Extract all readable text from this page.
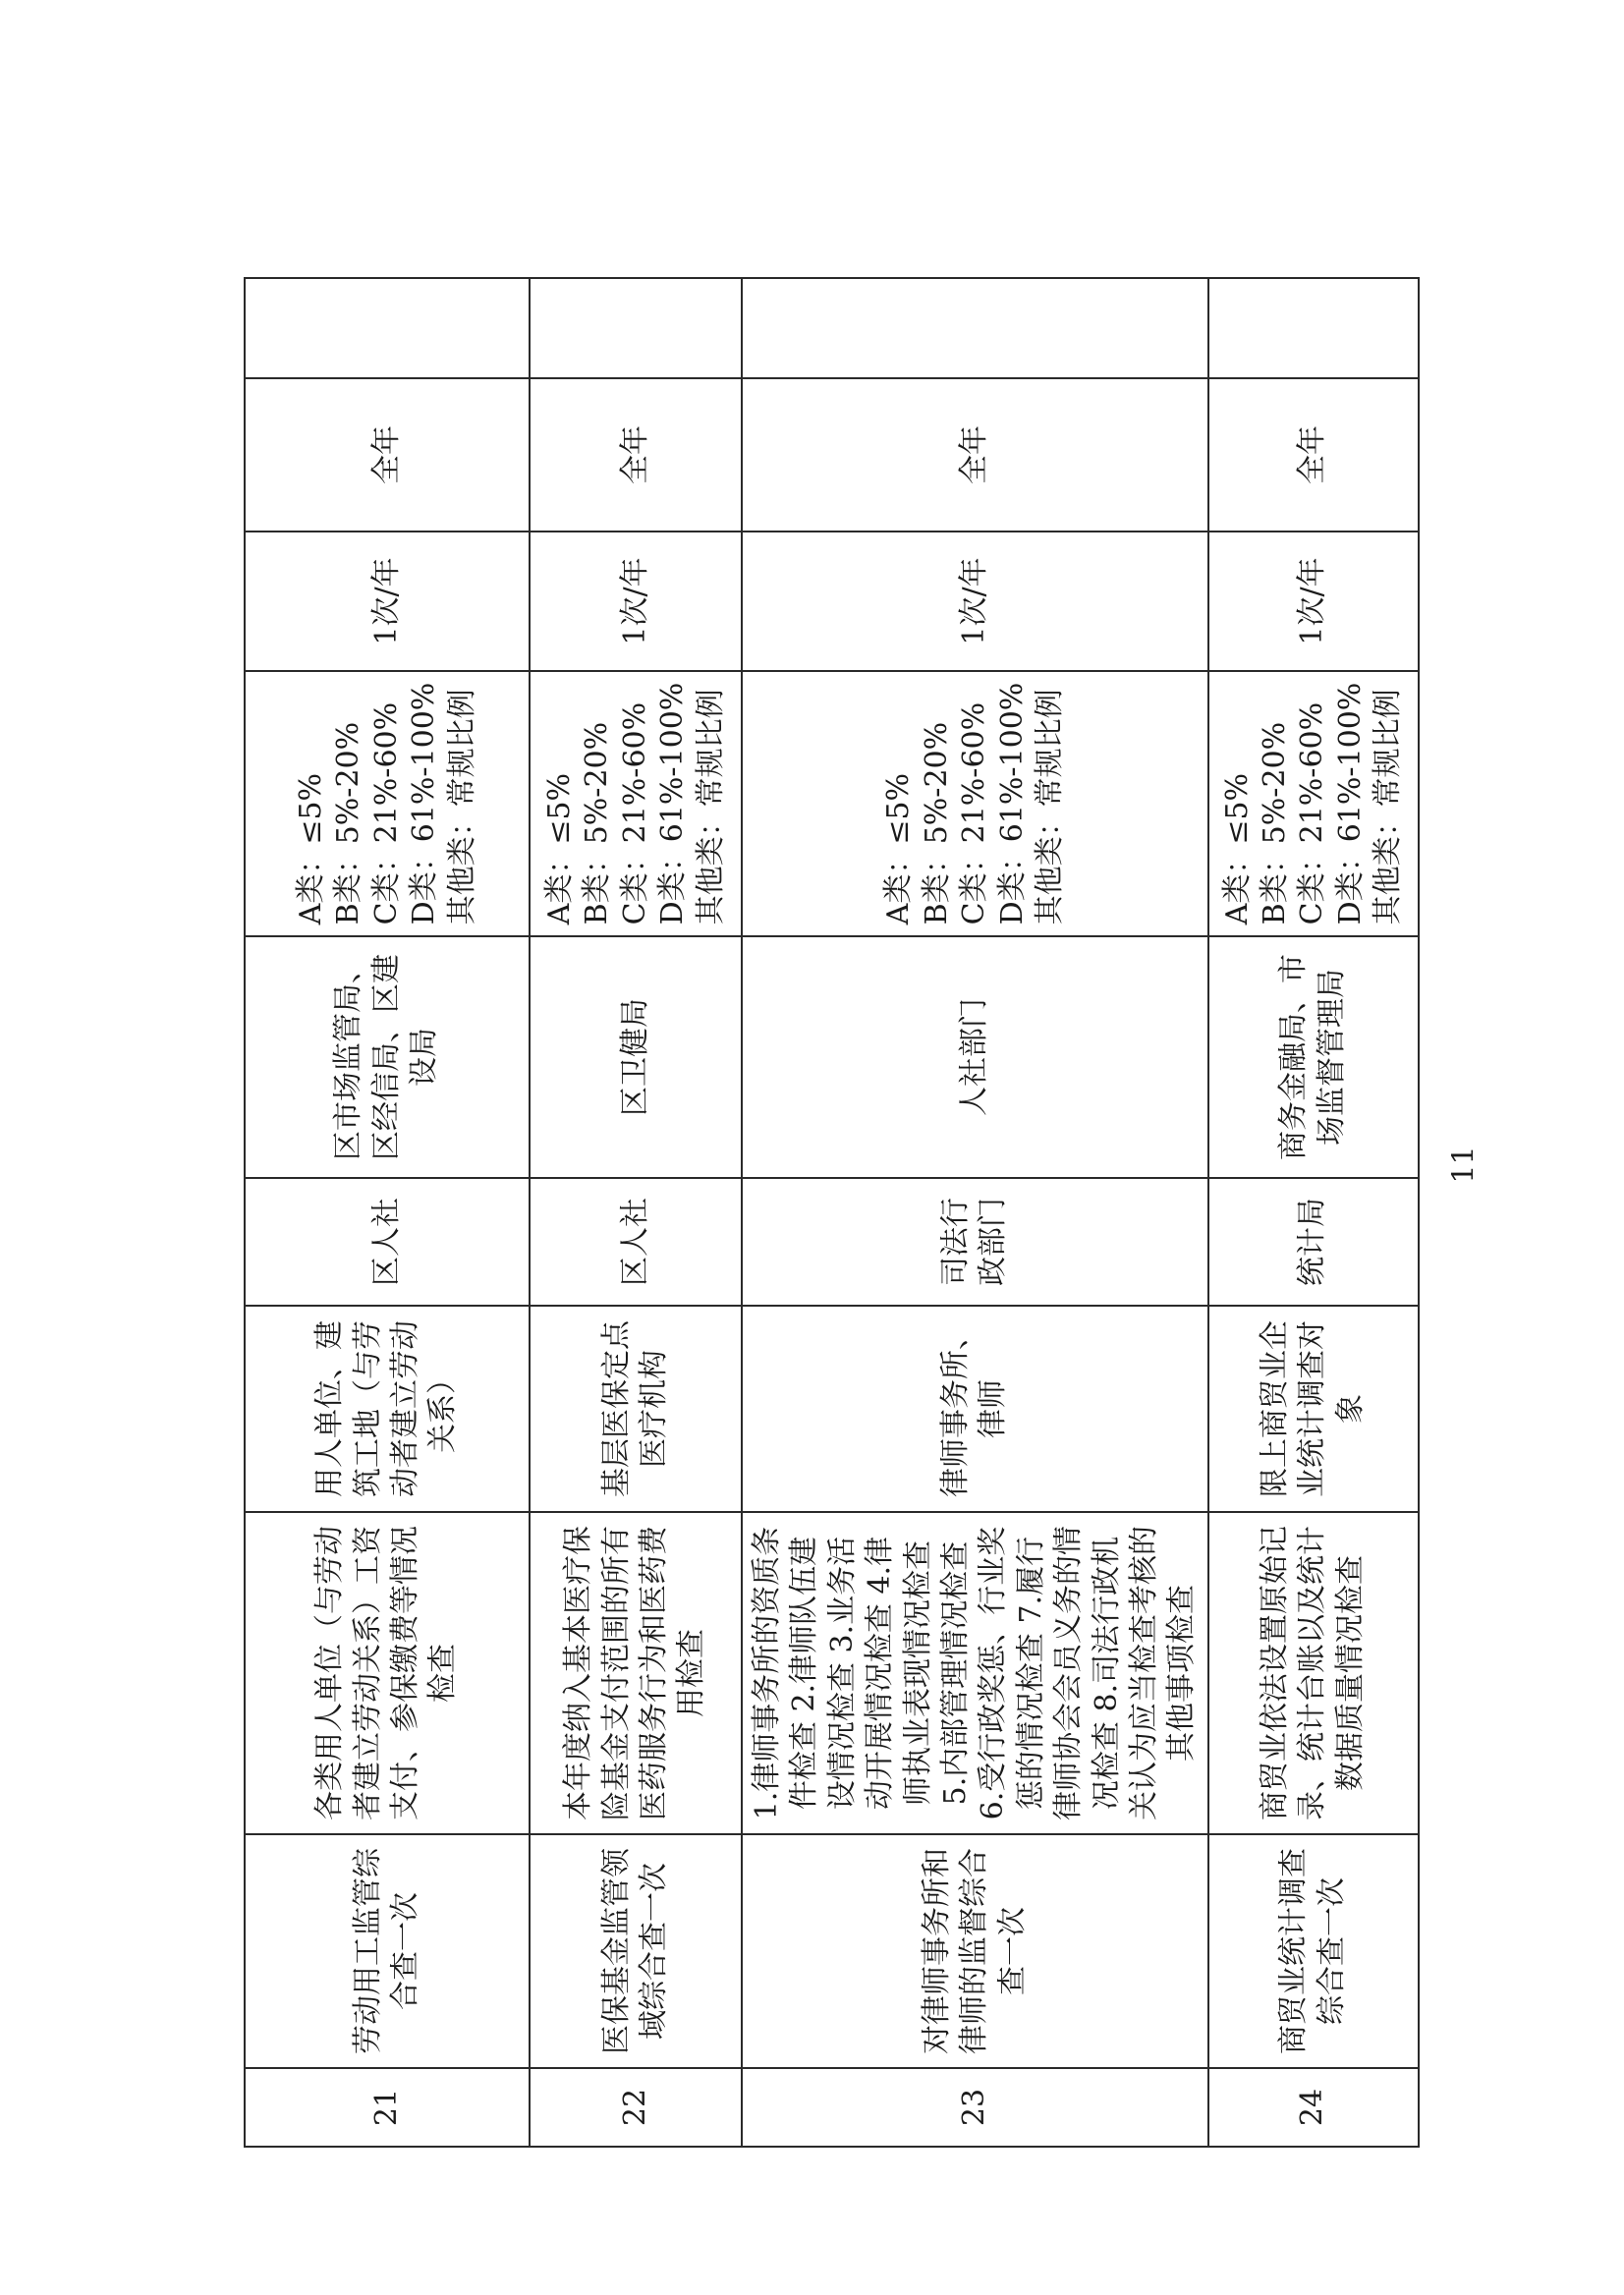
21	劳动用工监管综合查一次	各类用人单位（与劳动者建立劳动关系）工资支付、参保缴费等情况检查	用人单位、建筑工地（与劳动者建立劳动关系）	区人社	区市场监管局、区经信局、区建设局	A类：≤5% B类：5%-20% C类：21%-60% D类：61%-100% 其他类：常规比例	1次/年	全年	
22	医保基金监管领域综合查一次	本年度纳入基本医疗保险基金支付范围的所有医药服务行为和医药费用检查	基层医保定点医疗机构	区人社	区卫健局	A类：≤5% B类：5%-20% C类：21%-60% D类：61%-100% 其他类：常规比例	1次/年	全年	
23	对律师事务所和律师的监督综合查一次	1.律师事务所的资质条件检查 2.律师队伍建设情况检查 3.业务活动开展情况检查 4.律师执业表现情况检查 5.内部管理情况检查 6.受行政奖惩、行业奖惩的情况检查 7.履行律师协会会员义务的情况检查 8.司法行政机关认为应当检查考核的其他事项检查	律师事务所、律师	司法行政部门	人社部门	A类：≤5% B类：5%-20% C类：21%-60% D类：61%-100% 其他类：常规比例	1次/年	全年	
24	商贸业统计调查综合查一次	商贸业依法设置原始记录、统计台账以及统计数据质量情况检查	限上商贸业企业统计调查对象	统计局	商务金融局、市场监督管理局	A类：≤5% B类：5%-20% C类：21%-60% D类：61%-100% 其他类：常规比例	1次/年	全年	
11
